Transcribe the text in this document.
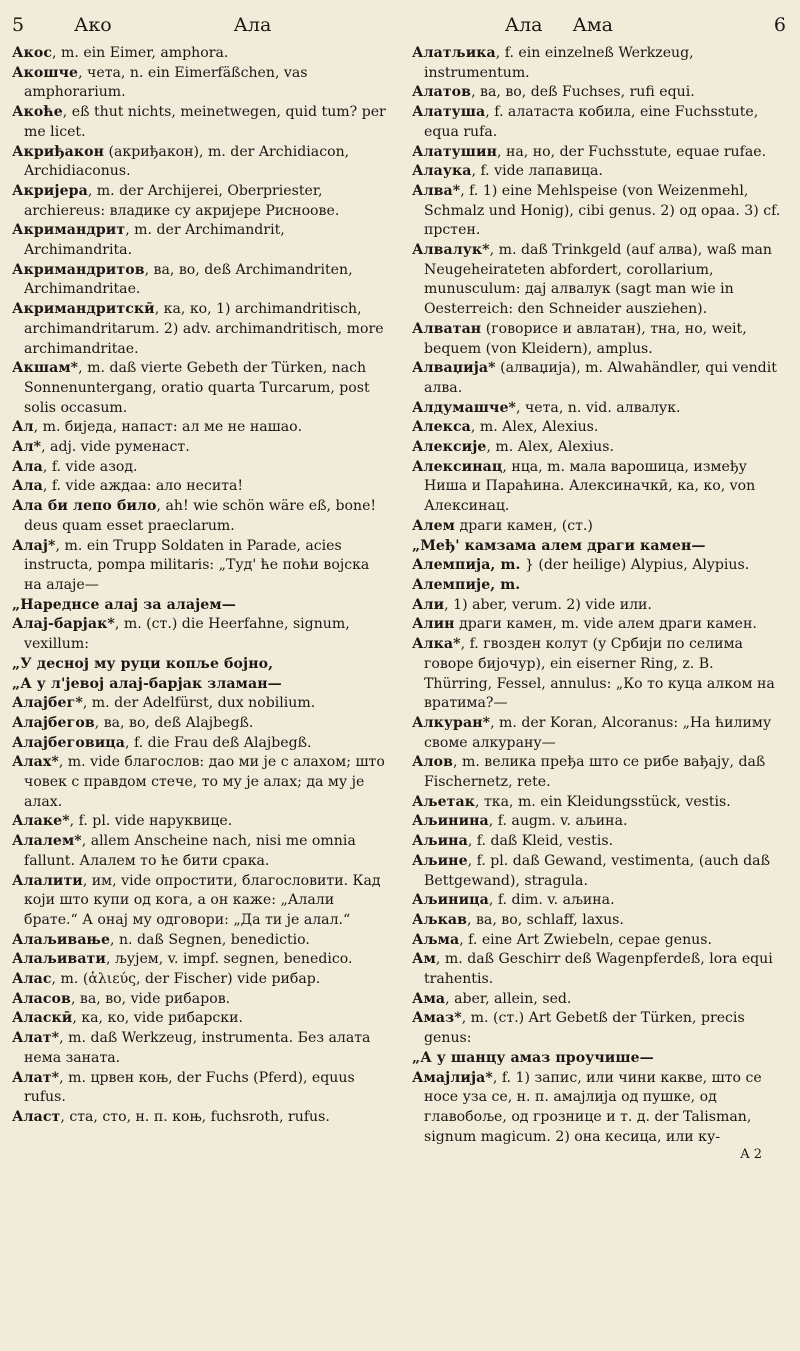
5	Ако	Ала	Ала	Ама	6

Акос, m. ein Eimer, amphora.

Акошче, чета, n. ein Eimerfäßchen, vas amphorarium.

Акоће, eß thut nichts, meinetwegen, quid tum? per me licet.

Акриђакон (акриђакон), m. der Archidiacon, Archidiaconus.

Акријера, m. der Archijerei, Oberpriester, archiereus: владике су акријере Рисноове.

Акримандрит, m. der Archimandrit, Archimandrita.

Акримандритов, ва, во, deß Archimandriten, Archimandritae.

Акримандритскӣ, ка, ко, 1) archimandritisch, archimandritarum. 2) adv. archimandritisch, more archimandritae.

Акшам*, m. daß vierte Gebeth der Türken, nach Sonnenuntergang, oratio quarta Turcarum, post solis occasum.

Ал, m. биједа, напаст: ал ме не нашао.

Ал*, adj. vide руменаст.

Ала, f. vide азод.

Ала, f. vide аждаа: ало несита!

Ала би лепо било, ah! wie schön wäre eß, bone! deus quam esset praeclarum.

Алај*, m. ein Trupp Soldaten in Parade, acies instructa, pompa militaris: „Туд' ће поћи војска на алаје—

„Нареднсе алај за алајем—

Алај-барјак*, m. (ст.) die Heerfahne, signum, vexillum:

„У десноj му руци копље бојно,

„А у л'јевој алај-барјак зламан—

Алајбег*, m. der Adelfürst, dux nobilium.

Алајбегов, ва, во, deß Alajbegß.

Алајбеговица, f. die Frau deß Alajbegß.

Алах*, m. vide благослов: дао ми је с алахом; што човек с правдом стече, то му је алах; да му је алах.

Алаке*, f. pl. vide наруквице.

Алалем*, allem Anscheine nach, nisi me omnia fallunt. Алалем то ће бити срака.

Алалити, им, vide опростити, благословити. Кад који што купи од кога, а он каже: „Алали брате.“ А онај му одговори: „Да ти је алал.“

Алаљивање, n. daß Segnen, benedictio.

Алаљивати, љујем, v. impf. segnen, benedico.

Алас, m. (ἁλιεύς, der Fischer) vide рибар.

Аласов, ва, во, vide рибаров.

Аласкӣ, ка, ко, vide рибарски.

Алат*, m. daß Werkzeug, instrumenta. Без алата нема заната.

Алат*, m. црвен коњ, der Fuchs (Pferd), equus rufus.

Аласт, ста, сто, н. п. коњ, fuchsroth, rufus.

Алатљика, f. ein einzelneß Werkzeug, instrumentum.

Алатов, ва, во, deß Fuchses, rufi equi.

Алатуша, f. алатаста кобила, eine Fuchsstute, equa rufa.

Алатушин, на, но, der Fuchsstute, equae rufae.

Алаука, f. vide лапавица.

Алва*, f. 1) eine Mehlspeise (von Weizenmehl, Schmalz und Honig), cibi genus. 2) од ораа. 3) cf. прстен.

Алвалук*, m. daß Trinkgeld (auf алва), waß man Neugeheirateten abfordert, corollarium, munusculum: дај алвалук (sagt man wie in Oesterreich: den Schneider ausziehen).

Алватан (говорисе и авлатан), тна, но, weit, bequem (von Kleidern), amplus.

Алваџија* (алваџија), m. Alwahändler, qui vendit алва.

Алдумашче*, чета, n. vid. алвалук.

Алекса, m. Alex, Alexius.

Алексије, m. Alex, Alexius.

Алексинац, нца, m. мала варошица, између Ниша и Параћина. Алексиначкӣ, ка, ко, von Алексинац.

Алем драги камен, (ст.)

„Међ' камзама алем драги камен—

Алемпија, m. } (der heilige) Alypius, Alypius.

Алемпије, m.

Али, 1) aber, verum. 2) vide или.

Алин драги камен, m. vide алем драги камен.

Алка*, f. гвозден колут (у Србији по селима говоре бијочур), ein eiserner Ring, z. B. Thürring, Fessel, annulus: „Ко то куца алком на вратима?—

Алкуран*, m. der Koran, Alcoranus: „На ћилиму своме алкурану—

Алов, m. велика пређа што се рибе вађају, daß Fischernetz, rete.

Аљетак, тка, m. ein Kleidungsstück, vestis.

Аљинина, f. augm. v. аљина.

Аљина, f. daß Kleid, vestis.

Аљине, f. pl. daß Gewand, vestimenta, (auch daß Bettgewand), stragula.

Аљиница, f. dim. v. аљина.

Аљкав, ва, во, schlaff, laxus.

Аљма, f. eine Art Zwiebeln, cepae genus.

Ам, m. daß Geschirr deß Wagenpferdeß, lora equi trahentis.

Ама, aber, allein, sed.

Амаз*, m. (ст.) Art Gebetß der Türken, precis genus:

„А у шанцу амаз проучише—

Амајлија*, f. 1) запис, или чини какве, што се носе уза се, н. п. амајлија од пушке, од главобоље, од грознице и т. д. der Talisman, signum magicum. 2) она кесица, или ку-

A 2
